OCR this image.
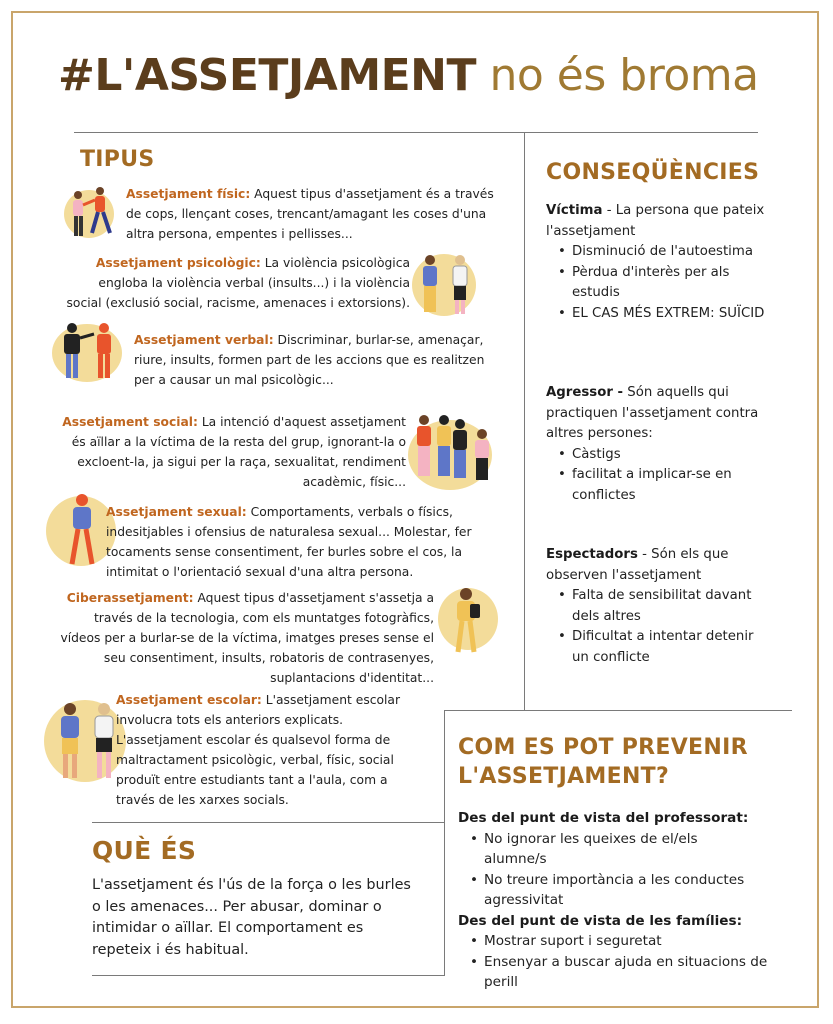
#L'ASSETJAMENT no és broma
TIPUS
Assetjament físic: Aquest tipus d'assetjament és a través de cops, llençant coses, trencant/amagant les coses d'una altra persona, empentes i pellisses...
Assetjament psicològic: La violència psicològica engloba la violència verbal (insults...) i la violència social (exclusió social, racisme, amenaces i extorsions).
Assetjament verbal: Discriminar, burlar-se, amenaçar, riure, insults, formen part de les accions que es realitzen per a causar un mal psicològic...
Assetjament social: La intenció d'aquest assetjament és aïllar a la víctima de la resta del grup, ignorant-la o excloent-la, ja sigui per la raça, sexualitat, rendiment acadèmic, físic...
Assetjament sexual: Comportaments, verbals o físics, indesitjables i ofensius de naturalesa sexual... Molestar, fer tocaments sense consentiment, fer burles sobre el cos, la intimitat o l'orientació sexual d'una altra persona.
Ciberassetjament: Aquest tipus d'assetjament s'assetja a través de la tecnologia, com els muntatges fotogràfics, vídeos per a burlar-se de la víctima, imatges preses sense el seu consentiment, insults, robatoris de contrasenyes, suplantacions d'identitat...
Assetjament escolar: L'assetjament escolar involucra tots els anteriors explicats. L'assetjament escolar és qualsevol forma de maltractament psicològic, verbal, físic, social produït entre estudiants tant a l'aula, com a través de les xarxes socials.
CONSEQÜÈNCIES
Víctima - La persona que pateix l'assetjament
• Disminució de l'autoestima
• Pèrdua d'interès per als estudis
• EL CAS MÉS EXTREM: SUÏCID
Agressor - Són aquells qui practiquen l'assetjament contra altres persones:
• Càstigs
• facilitat a implicar-se en conflictes
Espectadors - Són els que observen l'assetjament
• Falta de sensibilitat davant dels altres
• Dificultat a intentar detenir un conflicte
QUÈ ÉS
L'assetjament és l'ús de la força o les burles o les amenaces... Per abusar, dominar o intimidar o aïllar. El comportament es repeteix i és habitual.
COM ES POT PREVENIR
L'ASSETJAMENT?
Des del punt de vista del professorat:
• No ignorar les queixes de el/els alumne/s
• No treure importància a les conductes agressivitat
Des del punt de vista de les famílies:
• Mostrar suport i seguretat
• Ensenyar a buscar ajuda en situacions de perill
